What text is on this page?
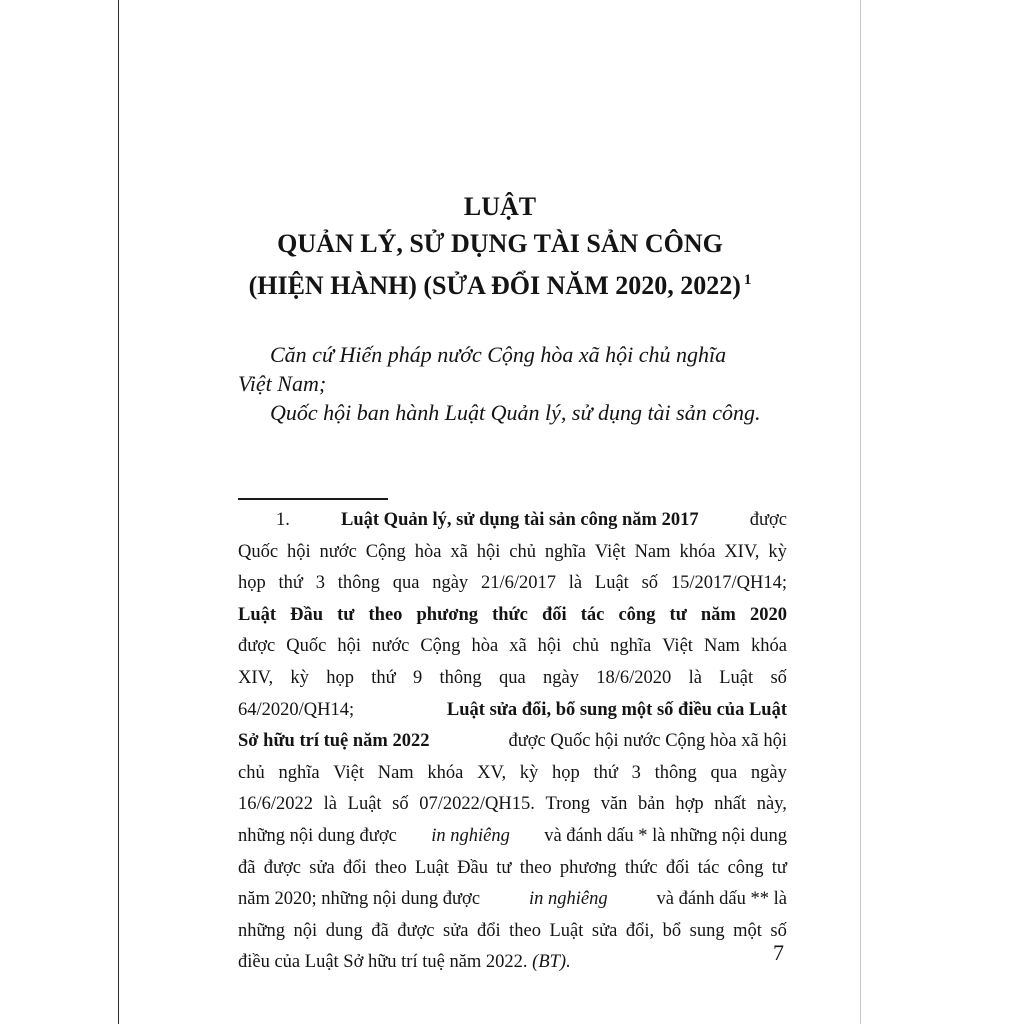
LUẬT
QUẢN LÝ, SỬ DỤNG TÀI SẢN CÔNG
(HIỆN HÀNH) (SỬA ĐỔI NĂM 2020, 2022) $^1$
Căn cứ Hiến pháp nước Cộng hòa xã hội chủ nghĩa
Việt Nam;
Quốc hội ban hành Luật Quản lý, sử dụng tài sản công.
1.	Luật Quản lý, sử dụng tài sản công năm 2017	được
Quốc hội nước Cộng hòa xã hội chủ nghĩa Việt Nam khóa XIV, kỳ
họp thứ 3 thông qua ngày 21/6/2017 là Luật số 15/2017/QH14;
Luật Đầu tư theo phương thức đối tác công tư năm 2020
được Quốc hội nước Cộng hòa xã hội chủ nghĩa Việt Nam khóa
XIV, kỳ họp thứ 9 thông qua ngày 18/6/2020 là Luật số
64/2020/QH14;	Luật sửa đổi, bổ sung một số điều của Luật
Sở hữu trí tuệ năm 2022	được Quốc hội nước Cộng hòa xã hội
chủ nghĩa Việt Nam khóa XV, kỳ họp thứ 3 thông qua ngày
16/6/2022 là Luật số 07/2022/QH15. Trong văn bản hợp nhất này,
những nội dung được in nghiêng và đánh dấu * là những nội dung
đã được sửa đổi theo Luật Đầu tư theo phương thức đối tác công tư
năm 2020; những nội dung được	in nghiêng	và đánh dấu ** là
những nội dung đã được sửa đổi theo Luật sửa đổi, bổ sung một số
điều của Luật Sở hữu trí tuệ năm 2022.
(BT).	7
